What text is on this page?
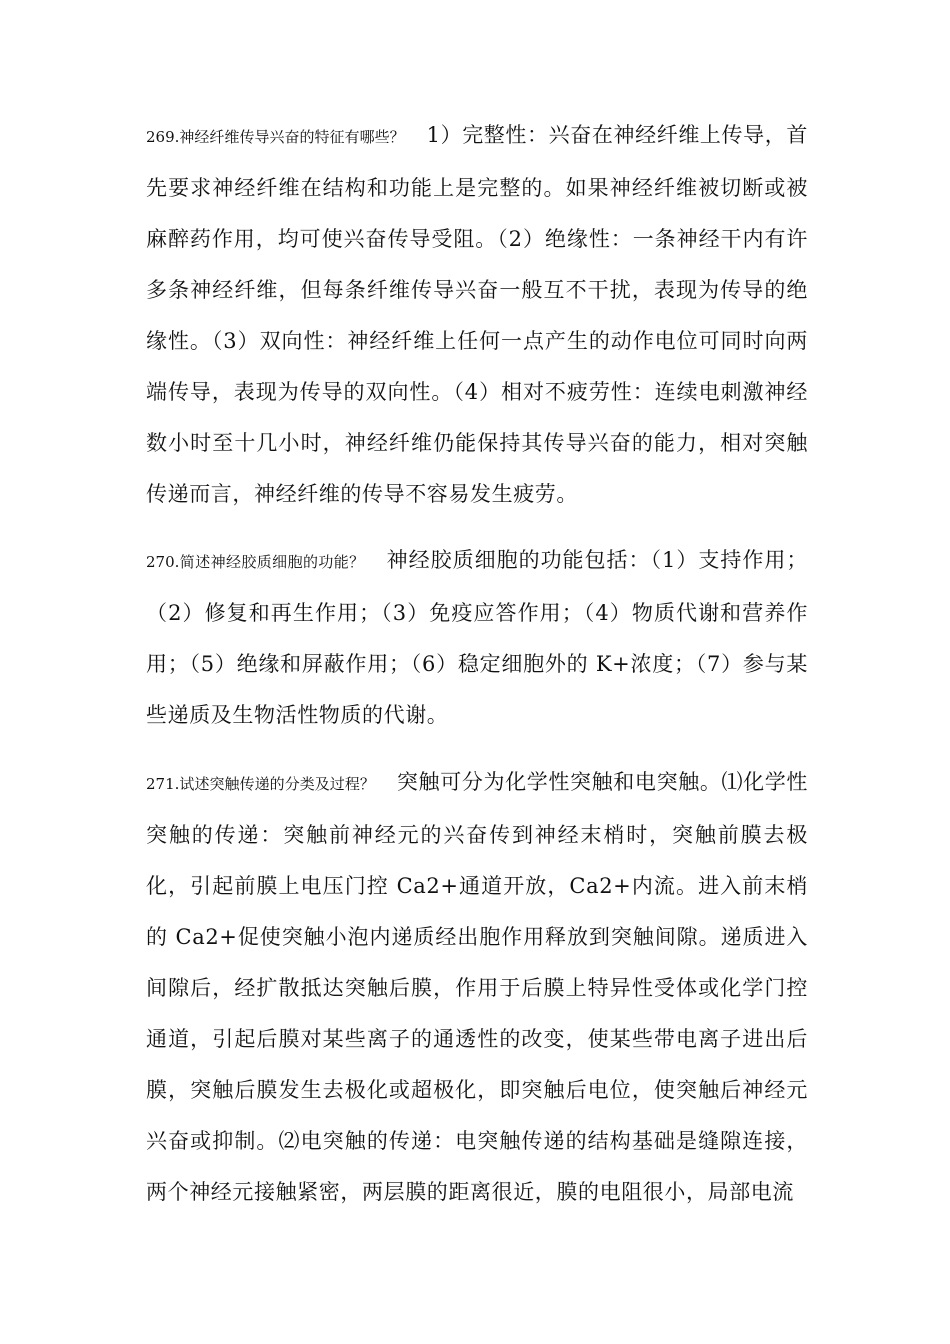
269.神经纤维传导兴奋的特征有哪些？ 1）完整性：兴奋在神经纤维上传导，首先要求神经纤维在结构和功能上是完整的。如果神经纤维被切断或被麻醉药作用，均可使兴奋传导受阻。（2）绝缘性：一条神经干内有许多条神经纤维，但每条纤维传导兴奋一般互不干扰，表现为传导的绝缘性。（3）双向性：神经纤维上任何一点产生的动作电位可同时向两端传导，表现为传导的双向性。（4）相对不疲劳性：连续电刺激神经数小时至十几小时，神经纤维仍能保持其传导兴奋的能力，相对突触传递而言，神经纤维的传导不容易发生疲劳。
270.简述神经胶质细胞的功能？ 神经胶质细胞的功能包括：（1）支持作用；（2）修复和再生作用；（3）免疫应答作用；（4）物质代谢和营养作用；（5）绝缘和屏蔽作用；（6）稳定细胞外的 K+浓度；（7）参与某些递质及生物活性物质的代谢。
271.试述突触传递的分类及过程？ 突触可分为化学性突触和电突触。⑴化学性突触的传递：突触前神经元的兴奋传到神经末梢时，突触前膜去极化，引起前膜上电压门控 Ca2+通道开放，Ca2+内流。进入前末梢的 Ca2+促使突触小泡内递质经出胞作用释放到突触间隙。递质进入间隙后，经扩散抵达突触后膜，作用于后膜上特异性受体或化学门控通道，引起后膜对某些离子的通透性的改变，使某些带电离子进出后膜，突触后膜发生去极化或超极化，即突触后电位，使突触后神经元兴奋或抑制。⑵电突触的传递：电突触传递的结构基础是缝隙连接，两个神经元接触紧密，两层膜的距离很近，膜的电阻很小，局部电流
